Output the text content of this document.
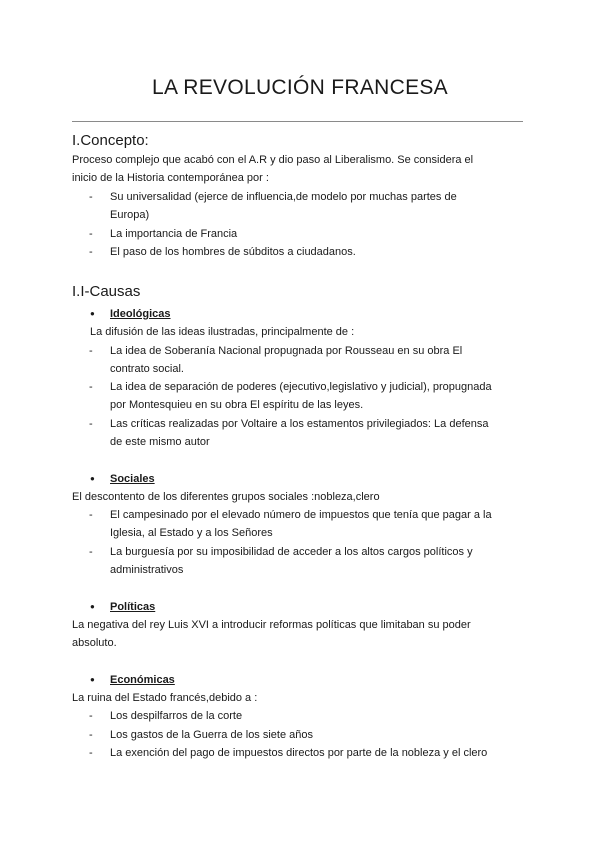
LA REVOLUCIÓN FRANCESA
I.Concepto:
Proceso complejo que acabó con el A.R y dio paso al Liberalismo. Se considera el
inicio de la Historia contemporánea por :
- Su universalidad (ejerce de influencia,de modelo por muchas partes de
Europa)
- La importancia de Francia
- El paso de los hombres de súbditos a ciudadanos.
I.I-Causas
● Ideológicas
La difusión de las ideas ilustradas, principalmente de :
- La idea de Soberanía Nacional propugnada por Rousseau en su obra El
contrato social.
- La idea de separación de poderes (ejecutivo,legislativo y judicial), propugnada
por Montesquieu en su obra El espíritu de las leyes.
- Las críticas realizadas por Voltaire a los estamentos privilegiados: La defensa
de este mismo autor
● Sociales
El descontento de los diferentes grupos sociales :nobleza,clero
- El campesinado por el elevado número de impuestos que tenía que pagar a la
Iglesia, al Estado y a los Señores
- La burguesía por su imposibilidad de acceder a los altos cargos políticos y
administrativos
● Políticas
La negativa del rey Luis XVI a introducir reformas políticas que limitaban su poder
absoluto.
● Económicas
La ruina del Estado francés,debido a :
- Los despilfarros de la corte
- Los gastos de la Guerra de los siete años
- La exención del pago de impuestos directos por parte de la nobleza y el clero
